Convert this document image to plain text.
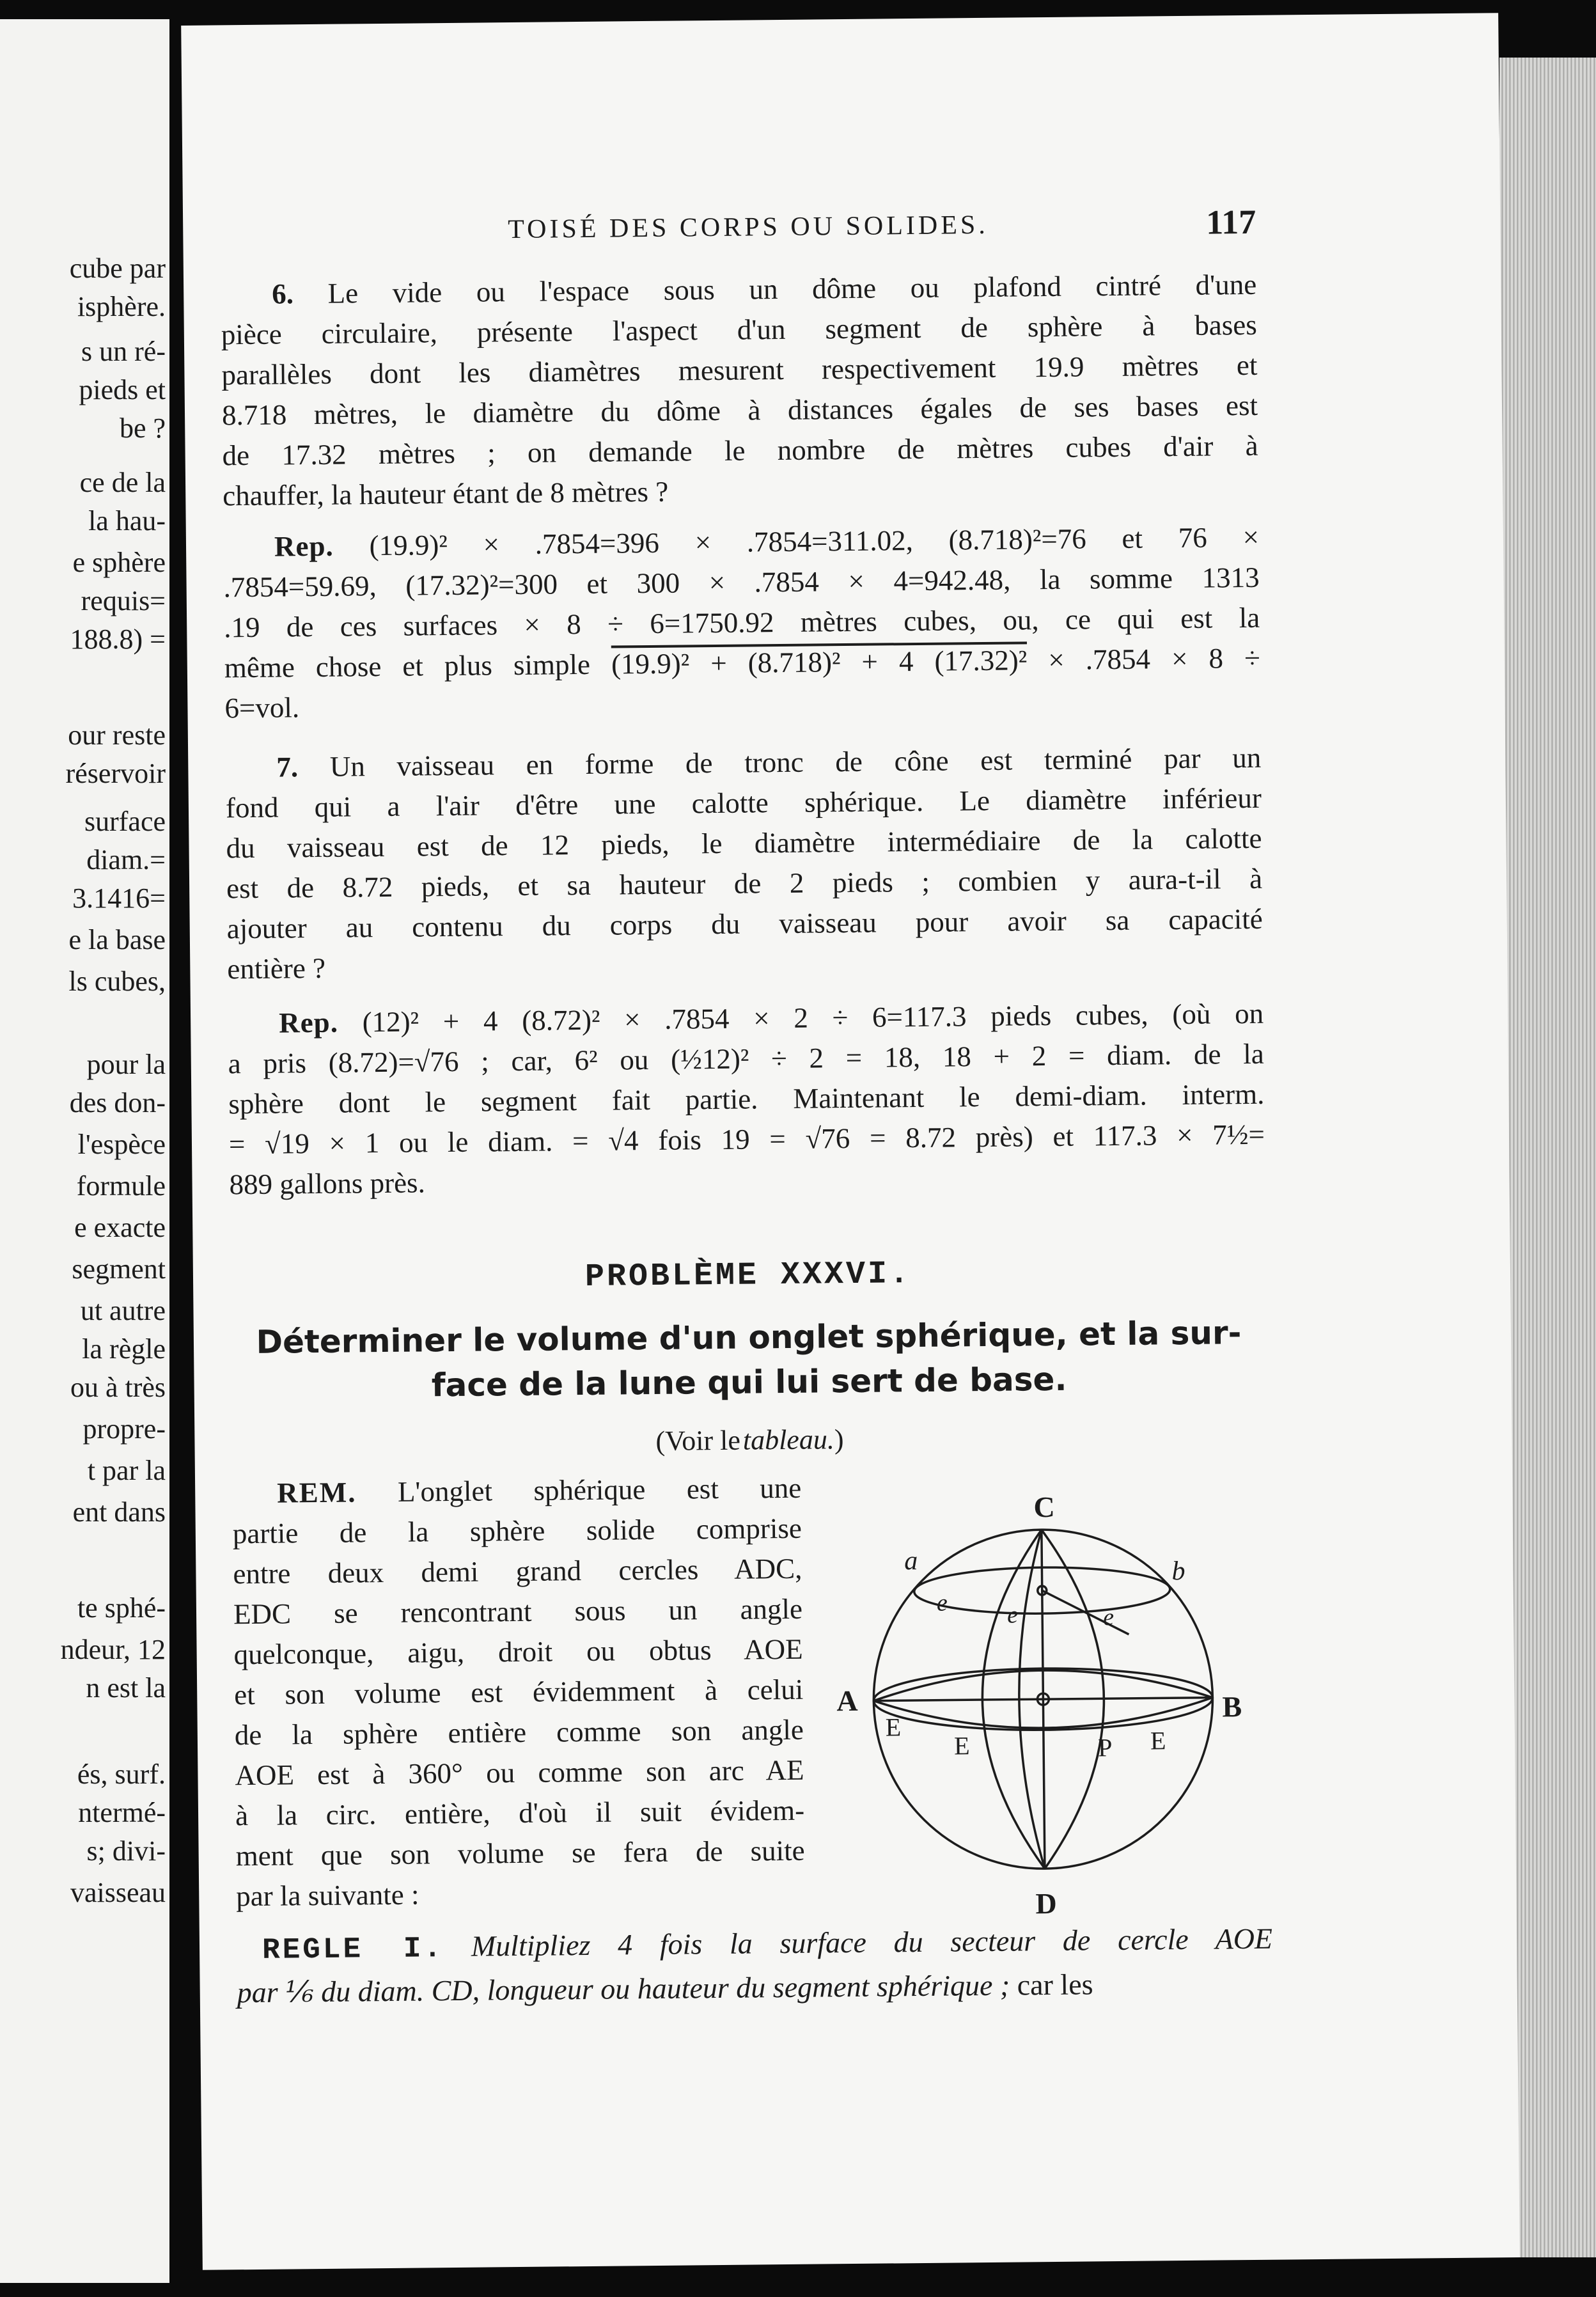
cube par
isphère.
s un ré-
pieds et
be ?
ce de la
la hau-
e sphère
requis=
188.8) =
our reste
réservoir
surface
diam.=
3.1416=
e la base
ls cubes,
pour la
des don-
l'espèce
formule
e exacte
segment
ut autre
la règle
ou à très
propre-
t par la
ent dans
te sphé-
ndeur, 12
n est la
és, surf.
ntermé-
s; divi-
vaisseau
TOISÉ DES CORPS OU SOLIDES.	117
6. Le vide ou l'espace sous un dôme ou plafond cintré d'une
pièce circulaire, présente l'aspect d'un segment de sphère à bases
parallèles dont les diamètres mesurent respectivement 19.9 mètres et
8.718 mètres, le diamètre du dôme à distances égales de ses bases est
de 17.32 mètres ; on demande le nombre de mètres cubes d'air à
chauffer, la hauteur étant de 8 mètres ?
Rep. (19.9)² × .7854=396 × .7854=311.02, (8.718)²=76 et 76 ×
.7854=59.69, (17.32)²=300 et 300 × .7854 × 4=942.48, la somme 1313
.19 de ces surfaces × 8 ÷ 6=1750.92 mètres cubes, ou, ce qui est la
même chose et plus simple (19.9)² + (8.718)² + 4 (17.32)² × .7854 × 8 ÷
6=vol.
7. Un vaisseau en forme de tronc de cône est terminé par un
fond qui a l'air d'être une calotte sphérique. Le diamètre inférieur
du vaisseau est de 12 pieds, le diamètre intermédiaire de la calotte
est de 8.72 pieds, et sa hauteur de 2 pieds ; combien y aura-t-il à
ajouter au contenu du corps du vaisseau pour avoir sa capacité
entière ?
Rep. (12)² + 4 (8.72)² × .7854 × 2 ÷ 6=117.3 pieds cubes, (où on
a pris (8.72)=√76 ; car, 6² ou (½12)² ÷ 2 = 18, 18 + 2 = diam. de la
sphère dont le segment fait partie. Maintenant le demi-diam. interm.
= √19 × 1 ou le diam. = √4 fois 19 = √76 = 8.72 près) et 117.3 × 7½=
889 gallons près.
PROBLÈME XXXVI.
Déterminer le volume d'un onglet sphérique, et la sur-
face de la lune qui lui sert de base.
(Voir le tableau.)
REM. L'onglet sphérique est une
partie de la sphère solide comprise
entre deux demi grand cercles ADC,
EDC se rencontrant sous un angle
quelconque, aigu, droit ou obtus AOE
et son volume est évidemment à celui
de la sphère entière comme son angle
AOE est à 360° ou comme son arc AE
à la circ. entière, d'où il suit évidem-
ment que son volume se fera de suite
par la suivante :
C
D
A	B
a	b
e e	e
E
E	P E
REGLE I. Multipliez 4 fois la surface du secteur de cercle AOE
par ⅙ du diam. CD, longueur ou hauteur du segment sphérique ; car les
